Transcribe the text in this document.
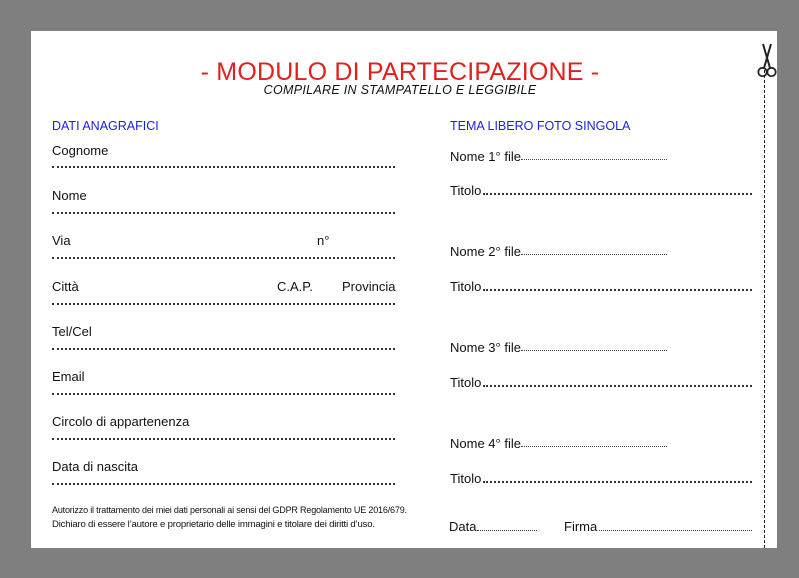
- MODULO DI PARTECIPAZIONE -
COMPILARE IN STAMPATELLO E LEGGIBILE
DATI ANAGRAFICI
Cognome
Nome
Via	n°
Città	C.A.P. Provincia
Tel/Cel
Email
Circolo di appartenenza
Data di nascita
Autorizzo il trattamento dei miei dati personali ai sensi del GDPR Regolamento UE 2016/679.
Dichiaro di essere l’autore e proprietario delle immagini e titolare dei diritti d’uso.
TEMA LIBERO FOTO SINGOLA
Nome 1° file
Titolo
Nome 2° file
Titolo
Nome 3° file
Titolo
Nome 4° file
Titolo
Data	Firma
